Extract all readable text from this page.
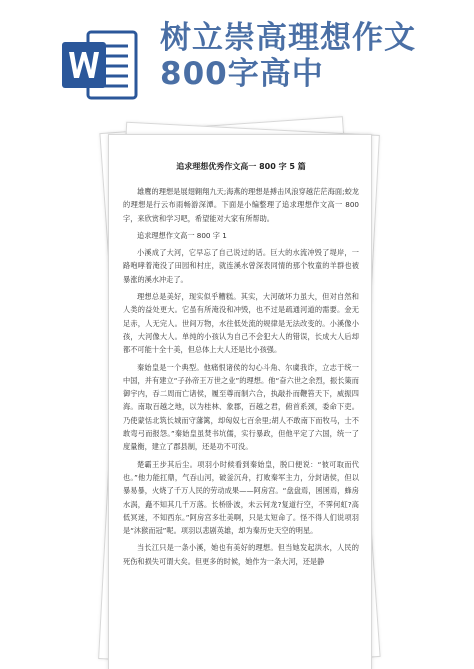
树立崇高理想作文
800字高中
追求理想优秀作文高一 800 字 5 篇

雄鹰的理想是展翅翱翔九天;海燕的理想是搏击风浪穿越茫茫海面;蛟龙的理想是行云布雨畅游深潭。下面是小编整理了追求理想作文高一 800 字，来欣赏和学习吧，希望能对大家有所帮助。

追求理想作文高一 800 字 1

小溪成了大河，它早忘了自己说过的话。巨大的水流冲毁了堤岸，一路咆哮着淹没了田园和村庄，就连溪水曾深表同情的那个牧童的羊群也被暴涨的溪水冲走了。

理想总是美好，现实似乎糟糕。其实，大河破坏力虽大，但对自然和人类的益处更大。它虽有所淹没和冲毁，也不过是疏通河道的需要。金无足赤，人无完人。世间万物，水往低处流的规律是无法改变的。小溪像小孩，大河像大人。单纯的小孩认为自己不会犯大人的错误，长成大人后却都不可能十全十美，但总体上大人还是比小孩强。

秦始皇是一个典型。他痛恨诸侯的勾心斗角、尔虞我诈，立志于统一中国，并有建立“子孙帝王万世之业”的理想。他“奋六世之余烈，振长策而御宇内，吞二周而亡诸侯，履至尊而制六合，执敲扑而鞭笞天下，威振四海。南取百越之地，以为桂林、象郡，百越之君，俯首系颈，委命下吏。乃使蒙恬北筑长城而守藩篱，却匈奴七百余里;胡人不敢南下而牧马，士不敢弯弓而报怨。”秦始皇虽焚书坑儒，实行暴政，但他平定了六国，统一了度量衡，建立了郡县制，还是功不可没。

楚霸王步其后尘。项羽小时候看到秦始皇，脱口便说：“彼可取而代也。”他力能扛鼎，气吞山河，破釜沉舟，打败秦军主力，分封诸侯，但以暴易暴，火烧了千万人民的劳动成果——阿房宫。“盘盘焉，囷囷焉，蜂房水涡，矗不知其几千万落。长桥卧波，未云何龙?复道行空，不霁何虹?高低冥迷，不知西东。”阿房宫多壮美啊，只是太短命了。怪不得人们说项羽是“沐猴而冠”呢。项羽以悲剧英雄，却为秦历史天空的明星。

当长江只是一条小溪，她也有美好的理想。但当她发起洪水，人民的死伤和损失可谓大矣。但更多的时候，她作为一条大河，还是静
